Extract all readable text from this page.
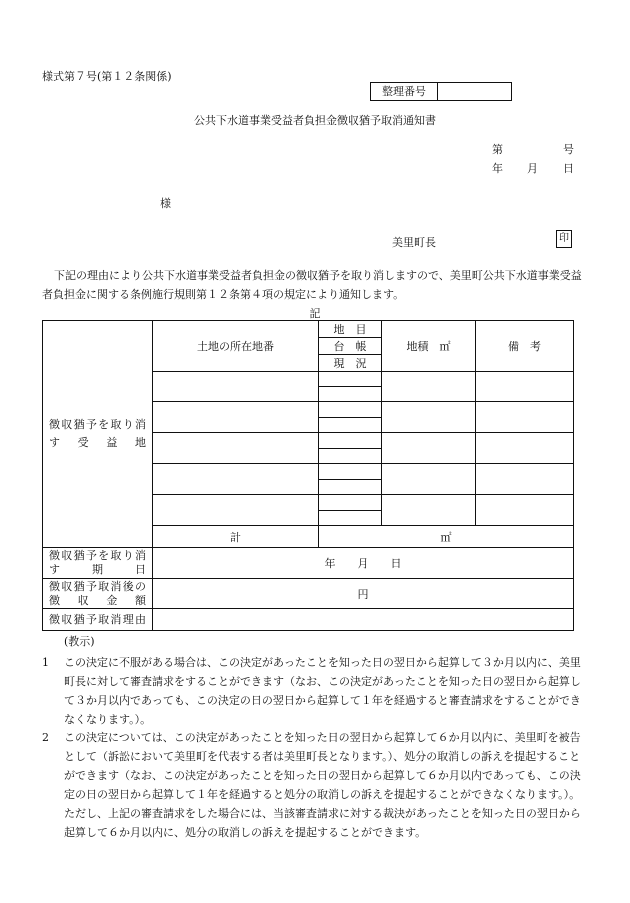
様式第７号(第１２条関係)
整理番号
公共下水道事業受益者負担金徴収猶予取消通知書
第	号
年 月 日
様
美里町長	印
下記の理由により公共下水道事業受益者負担金の徴収猶予を取り消しますので、美里町公共下水道事業受益者負担金に関する条例施行規則第１２条第４項の規定により通知します。
記
徴収猶予を取り消す受益地	土地の所在地番	地　目	地積　㎡	備　考
		台　帳		
		現　況		

	計	㎡		
徴収猶予を取り消す期日	年　　月　　日			

徴収猶予取消後の
徴収金額	円			
徴収猶予取消理由				
(教示)
1 この決定に不服がある場合は、この決定があったことを知った日の翌日から起算して３か月以内に、美里町長に対して審査請求をすることができます（なお、この決定があったことを知った日の翌日から起算して３か月以内であっても、この決定の日の翌日から起算して１年を経過すると審査請求をすることができなくなります。）。
2 この決定については、この決定があったことを知った日の翌日から起算して６か月以内に、美里町を被告として（訴訟において美里町を代表する者は美里町長となります。）、処分の取消しの訴えを提起することができます（なお、この決定があったことを知った日の翌日から起算して６か月以内であっても、この決定の日の翌日から起算して１年を経過すると処分の取消しの訴えを提起することができなくなります。）。ただし、上記の審査請求をした場合には、当該審査請求に対する裁決があったことを知った日の翌日から起算して６か月以内に、処分の取消しの訴えを提起することができます。
